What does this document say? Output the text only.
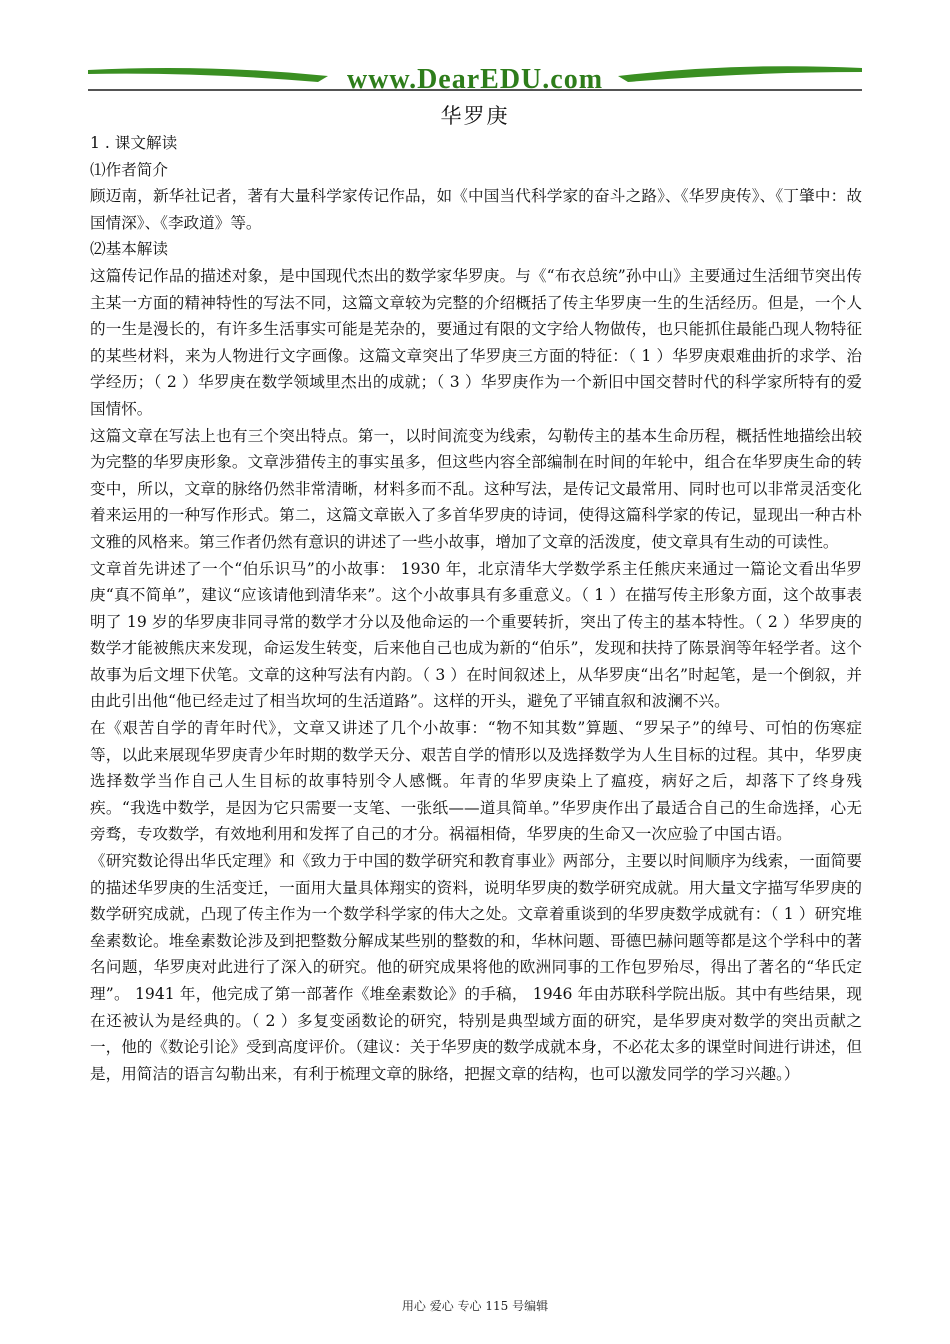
www.DearEDU.com
华罗庚

1 . 课文解读

⑴作者简介

顾迈南，新华社记者，著有大量科学家传记作品，如《中国当代科学家的奋斗之路》、《华罗庚传》、《丁肇中：故国情深》、《李政道》等。

⑵基本解读

这篇传记作品的描述对象，是中国现代杰出的数学家华罗庚。与《“布衣总统”孙中山》主要通过生活细节突出传主某一方面的精神特性的写法不同，这篇文章较为完整的介绍概括了传主华罗庚一生的生活经历。但是，一个人的一生是漫长的，有许多生活事实可能是芜杂的，要通过有限的文字给人物做传，也只能抓住最能凸现人物特征的某些材料，来为人物进行文字画像。这篇文章突出了华罗庚三方面的特征：（ 1 ）华罗庚艰难曲折的求学、治学经历；（ 2 ）华罗庚在数学领域里杰出的成就；（ 3 ）华罗庚作为一个新旧中国交替时代的科学家所特有的爱国情怀。

这篇文章在写法上也有三个突出特点。第一，以时间流变为线索，勾勒传主的基本生命历程，概括性地描绘出较为完整的华罗庚形象。文章涉猎传主的事实虽多，但这些内容全部编制在时间的年轮中，组合在华罗庚生命的转变中，所以，文章的脉络仍然非常清晰，材料多而不乱。这种写法，是传记文最常用、同时也可以非常灵活变化着来运用的一种写作形式。第二，这篇文章嵌入了多首华罗庚的诗词，使得这篇科学家的传记，显现出一种古朴文雅的风格来。第三作者仍然有意识的讲述了一些小故事，增加了文章的活泼度，使文章具有生动的可读性。

文章首先讲述了一个“伯乐识马”的小故事： 1930 年，北京清华大学数学系主任熊庆来通过一篇论文看出华罗庚“真不简单”，建议“应该请他到清华来”。这个小故事具有多重意义。（ 1 ）在描写传主形象方面，这个故事表明了 19 岁的华罗庚非同寻常的数学才分以及他命运的一个重要转折，突出了传主的基本特性。（ 2 ）华罗庚的数学才能被熊庆来发现，命运发生转变，后来他自己也成为新的“伯乐”，发现和扶持了陈景润等年轻学者。这个故事为后文埋下伏笔。文章的这种写法有内韵。（ 3 ）在时间叙述上，从华罗庚“出名”时起笔，是一个倒叙，并由此引出他“他已经走过了相当坎坷的生活道路”。这样的开头，避免了平铺直叙和波澜不兴。

在《艰苦自学的青年时代》，文章又讲述了几个小故事：“物不知其数”算题、“罗呆子”的绰号、可怕的伤寒症等，以此来展现华罗庚青少年时期的数学天分、艰苦自学的情形以及选择数学为人生目标的过程。其中，华罗庚选择数学当作自己人生目标的故事特别令人感慨。年青的华罗庚染上了瘟疫，病好之后，却落下了终身残疾。“我选中数学，是因为它只需要一支笔、一张纸——道具简单。”华罗庚作出了最适合自己的生命选择，心无旁骛，专攻数学，有效地利用和发挥了自己的才分。祸福相倚，华罗庚的生命又一次应验了中国古语。

《研究数论得出华氏定理》和《致力于中国的数学研究和教育事业》两部分，主要以时间顺序为线索，一面简要的描述华罗庚的生活变迁，一面用大量具体翔实的资料，说明华罗庚的数学研究成就。用大量文字描写华罗庚的数学研究成就，凸现了传主作为一个数学科学家的伟大之处。文章着重谈到的华罗庚数学成就有：（ 1 ）研究堆垒素数论。堆垒素数论涉及到把整数分解成某些别的整数的和，华林问题、哥德巴赫问题等都是这个学科中的著名问题，华罗庚对此进行了深入的研究。他的研究成果将他的欧洲同事的工作包罗殆尽，得出了著名的“华氏定理”。 1941 年，他完成了第一部著作《堆垒素数论》的手稿， 1946 年由苏联科学院出版。其中有些结果，现在还被认为是经典的。（ 2 ）多复变函数论的研究，特别是典型域方面的研究，是华罗庚对数学的突出贡献之一，他的《数论引论》受到高度评价。（建议：关于华罗庚的数学成就本身，不必花太多的课堂时间进行讲述，但是，用简洁的语言勾勒出来，有利于梳理文章的脉络，把握文章的结构，也可以激发同学的学习兴趣。）

用心 爱心 专心 115 号编辑
